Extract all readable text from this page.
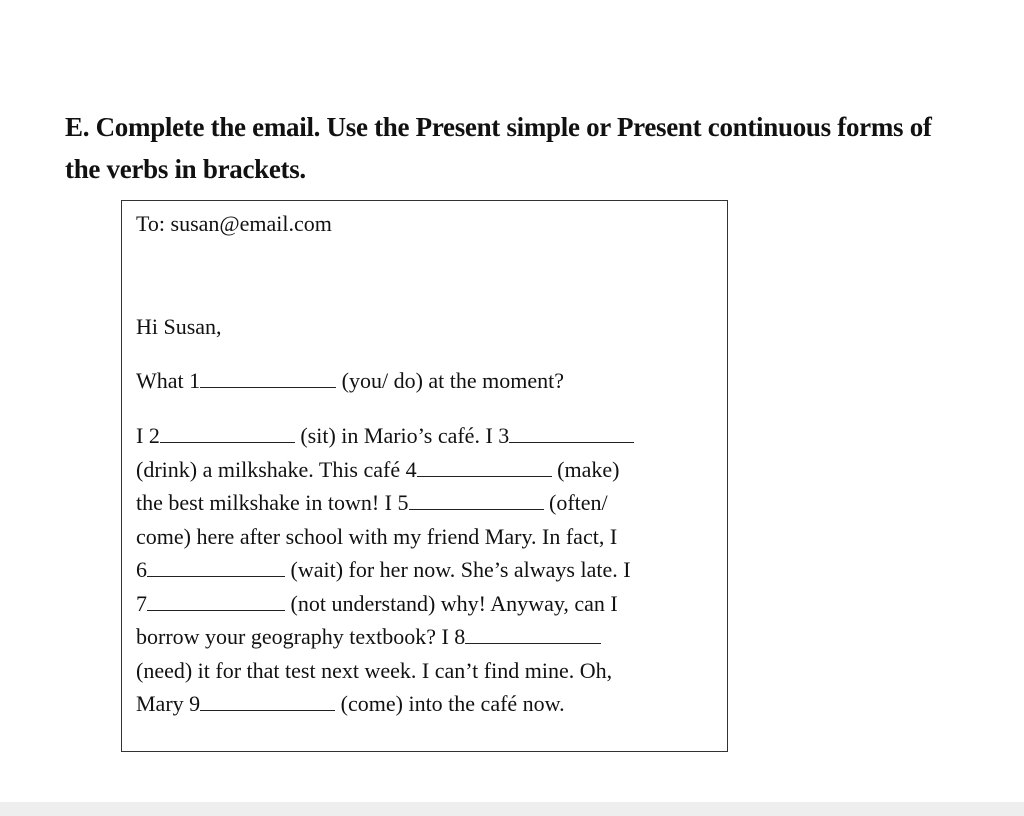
E. Complete the email. Use the Present simple or Present continuous forms of
the verbs in brackets.
To: susan@email.com
Hi Susan,
What 1	(you/ do) at the moment?
I 2	(sit) in Mario’s café. I 3
(drink) a milkshake. This café 4	(make)
the best milkshake in town! I 5	(often/
come) here after school with my friend Mary. In fact, I
6	(wait) for her now. She’s always late. I
7	(not understand) why! Anyway, can I
borrow your geography textbook? I 8
(need) it for that test next week. I can’t find mine. Oh,
Mary 9	(come) into the café now.
